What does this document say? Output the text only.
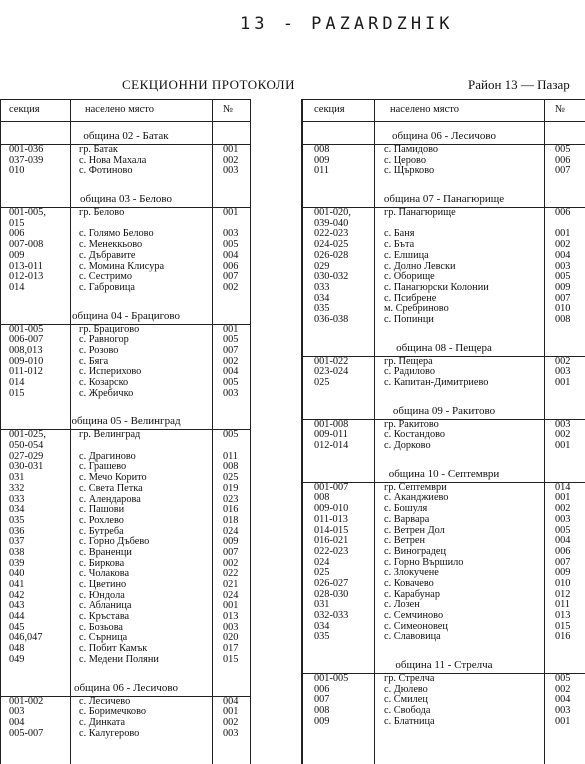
13 - PAZARDZHIK
СЕКЦИОННИ ПРОТОКОЛИ	Район 13 — Пазар
секция	населено място	№
община 02 - Батак
001-036	гр. Батак	001
037-039	с. Нова Махала	002
010	с. Фотиново	003
община 03 - Белово
001-005,	гр. Белово	001
015
006	с. Голямо Белово	003
007-008	с. Менеккьово	005
009	с. Дъбравите	004
013-011	с. Момина Клисура	006
012-013	с. Сестримо	007
014	с. Габровица	002
община 04 - Брацигово
001-005	гр. Брацигово	001
006-007	с. Равногор	005
008,013	с. Розово	007
009-010	с. Бяга	002
011-012	с. Исперихово	004
014	с. Козарско	005
015	с. Жребичко	003
община 05 - Велинград
001-025,	гр. Велинград	005
050-054
027-029	с. Драгиново	011
030-031	с. Грашево	008
031	с. Мечо Корито	025
332	с. Света Петка	019
033	с. Алендарова	023
034	с. Пашови	016
035	с. Рохлево	018
036	с. Бутреба	024
037	с. Горно Дъбево	009
038	с. Враненци	007
039	с. Биркова	002
040	с. Чолакова	022
041	с. Цветино	021
042	с. Юндола	024
043	с. Абланица	001
044	с. Кръстава	013
045	с. Бозьова	003
046,047	с. Сърница	020
048	с. Побит Камък	017
049	с. Медени Поляни	015
община 06 - Лесичово
001-002	с. Лесичево	004
003	с. Боримечково	001
004	с. Динката	002
005-007	с. Калугерово	003
секция	населено място	№
община 06 - Лесичово
008	с. Памидово	005
009	с. Церово	006
011	с. Щърково	007
община 07 - Панагюрище
001-020,	гр. Панагюрище	006
039-040
022-023	с. Баня	001
024-025	с. Бъта	002
026-028	с. Елшица	004
029	с. Долно Левски	003
030-032	с. Оборище	005
033	с. Панагюрски Колонии	009
034	с. Псибрене	007
035	м. Сребриново	010
036-038	с. Попинци	008
община 08 - Пещера
001-022	гр. Пещера	002
023-024	с. Радилово	003
025	с. Капитан-Димитриево	001
община 09 - Ракитово
001-008	гр. Ракитово	003
009-011	с. Костандово	002
012-014	с. Дорково	001
община 10 - Септември
001-007	гр. Септември	014
008	с. Аканджиево	001
009-010	с. Бошуля	002
011-013	с. Варвара	003
014-015	с. Ветрен Дол	005
016-021	с. Ветрен	004
022-023	с. Виноградец	006
024	с. Горно Вършило	007
025	с. Злокучене	009
026-027	с. Ковачево	010
028-030	с. Карабунар	012
031	с. Лозен	011
032-033	с. Семчиново	013
034	с. Симеоновец	015
035	с. Славовица	016
община 11 - Стрелча
001-005	гр. Стрелча	005
006	с. Дюлево	002
007	с. Смилец	004
008	с. Свобода	003
009	с. Блатница	001
